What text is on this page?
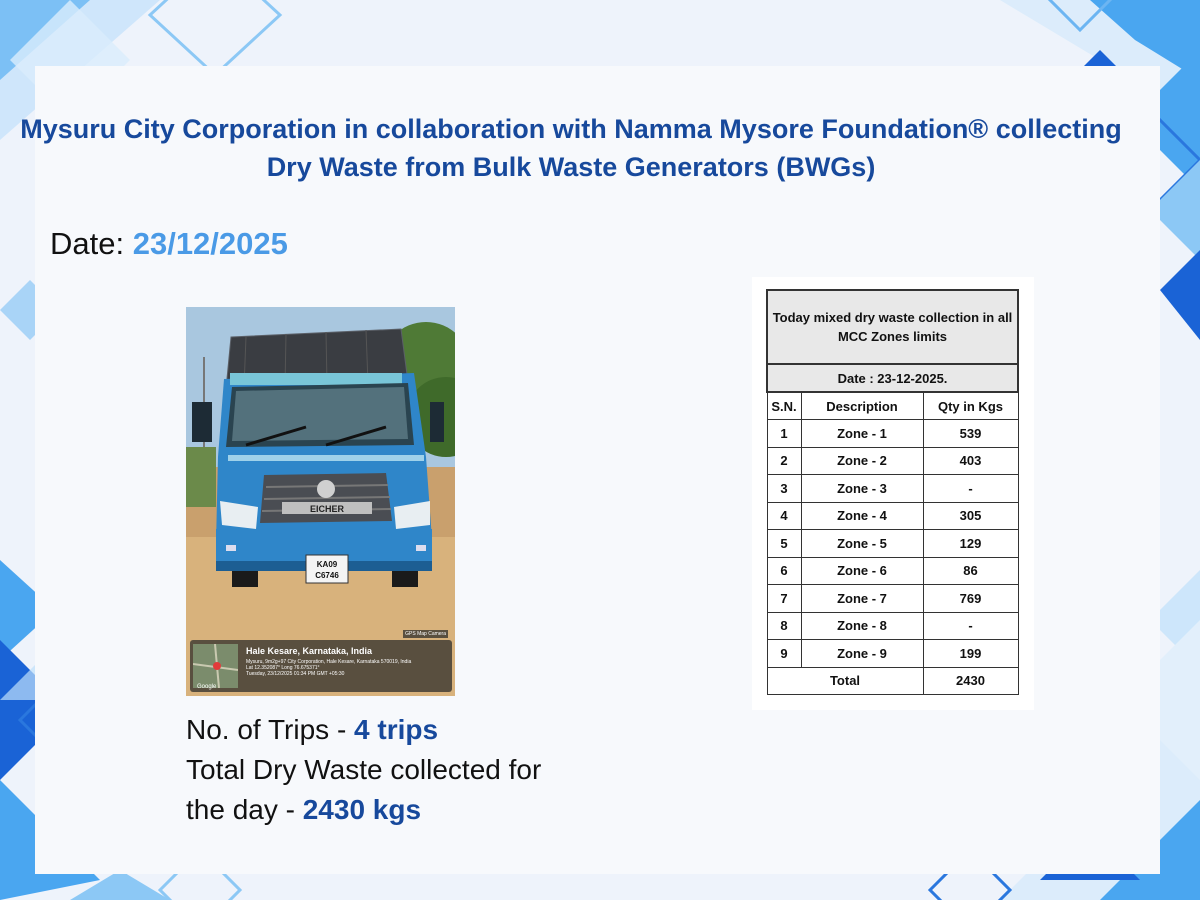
Mysuru City Corporation in collaboration with Namma Mysore Foundation® collecting Dry Waste from Bulk Waste Generators (BWGs)
Date: 23/12/2025
EICHER
KA09
C6746
GPS Map Camera
Google
Hale Kesare, Karnataka, India
Mysuru, 9m2g+97 City Corporation, Hale Kesare, Karnataka 570019, India
Lat 12.352087° Long 76.675371°
Tuesday, 23/12/2025 01:34 PM GMT +05:30
No. of Trips - 4 trips
Total Dry Waste collected for
the day - 2430 kgs
Today mixed dry waste collection in all MCC Zones limits		
Date : 23-12-2025.		
S.N.	Description	Qty in Kgs
1	Zone - 1	539
2	Zone - 2	403
3	Zone - 3	-
4	Zone - 4	305
5	Zone - 5	129
6	Zone - 6	86
7	Zone - 7	769
8	Zone - 8	-
9	Zone - 9	199
Total		2430
